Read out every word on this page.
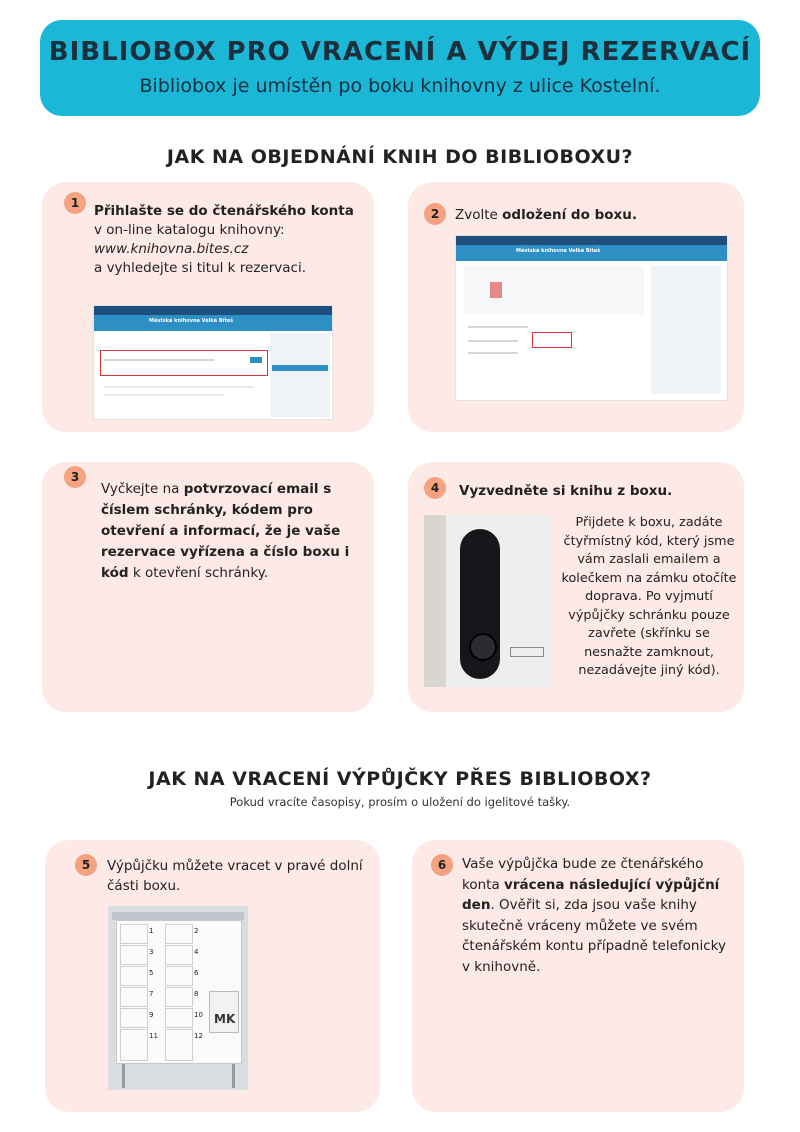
BIBLIOBOX PRO VRACENÍ A VÝDEJ REZERVACÍ

Bibliobox je umístěn po boku knihovny z ulice Kostelní.

JAK NA OBJEDNÁNÍ KNIH DO BIBLIOBOXU?
1	Přihlašte se do čtenářského konta v on-line katalogu knihovny:
www.knihovna.bites.cz
a vyhledejte si titul k rezervaci.
Městská knihovna Velká Bíteš
2	Zvolte odložení do boxu.
Městská knihovna Velká Bíteš
3
Vyčkejte na potvrzovací email s číslem schránky, kódem pro otevření a informací, že je vaše rezervace vyřízena a číslo boxu i kód k otevření schránky.
4	Vyzvedněte si knihu z boxu.
Přijdete k boxu, zadáte čtyřmístný kód, který jsme vám zaslali emailem a kolečkem na zámku otočíte doprava. Po vyjmutí výpůjčky schránku pouze zavřete (skřínku se nesnažte zamknout, nezadávejte jiný kód).
JAK NA VRACENÍ VÝPŮJČKY PŘES BIBLIOBOX?
Pokud vracíte časopisy, prosím o uložení do igelitové tašky.
5	Výpůjčku můžete vracet v pravé dolní části boxu.
1	2
3	4
5	6
7	8
9	10
11	12
MK
6	Vaše výpůjčka bude ze čtenářského konta vrácena následující výpůjční den. Ověřit si, zda jsou vaše knihy skutečně vráceny můžete ve svém čtenářském kontu případně telefonicky v knihovně.
